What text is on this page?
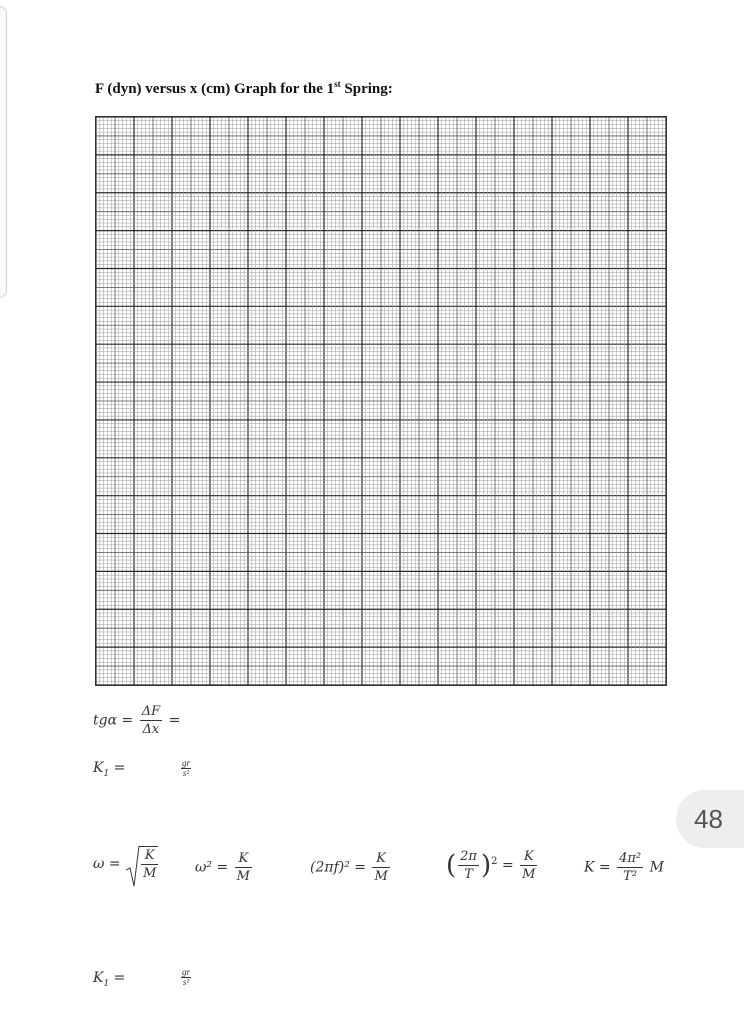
F (dyn) versus x (cm) Graph for the 1st Spring:
$tg\alpha = \frac{\Delta F}{\Delta x}$ =
$K_1$ =	$\frac{gr}{\text{s²}}$
$\omega = \frac{K}{M}$	$\omega^2 = \frac{K}{M}$	$(2\pi f)^2 = \frac{K}{M}$ ( $\frac{2\pi}{T} )^2 = \frac{K}{M}$	$K = \frac{\text{4π²}}{\text{T²}}$ M
$K_1$ =	$\frac{gr}{\text{s²}}$
48
